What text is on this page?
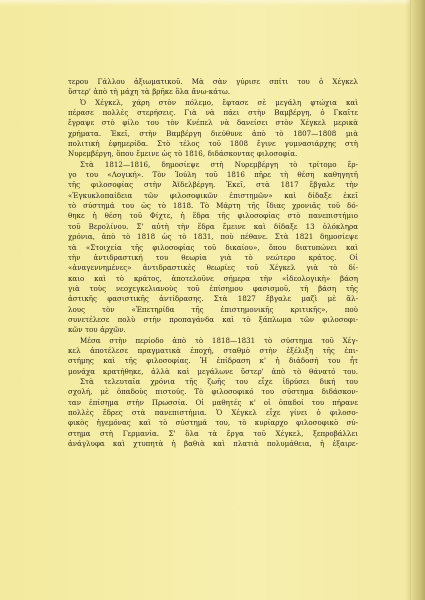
τερου Γάλλου ἀξιωματικοῦ. Μὰ σὰν γύρισε σπίτι του ὁ Χέγκελ
ὕστερ' ἀπὸ τὴ μάχη τὰ βρῆκε ὅλα ἄνω-κάτω.
Ὁ Χέγκελ, χάρη στὸν πόλεμο, ἔφτασε σὲ μεγάλη φτώχια καὶ
πέρασε πολλὲς στερήσεις. Γιὰ νὰ πάει στὴν Βαμβέργη, ὁ Γκαῖτε
ἔγραψε στὸ φίλο του τὸν Κνέπελ νὰ δανείσει στὸν Χέγκελ μερικὰ
χρήματα. Ἐκεῖ, στὴν Βαμβέργη διεύθυνε ἀπὸ τὸ 1807—1808 μιὰ
πολιτικὴ ἐφημερίδα. Στὸ τέλος τοῦ 1808 ἔγινε γυμνασιάρχης στὴ
Νυρεμβέργη, ὅπου ἔμεινε ὡς τὸ 1816, διδάσκοντας φιλοσοφία.
Στὰ 1812—1816, δημοσίεψε στὴ Νυρεμβέργη τὸ τρίτομο ἔρ-
γο του «Λογική». Τὸν Ἰούλη τοῦ 1816 πῆρε τὴ θέση καθηγητῆ
τῆς φιλοσοφίας στὴν Ἀϊδελβέργη. Ἐκεῖ, στὰ 1817 ἔβγαλε τὴν
«Ἐγκυκλοπαίδεια τῶν φιλοσοφικῶν ἐπιστημῶν» καὶ δίδαξε ἐκεῖ
τὸ σύστημά του ὡς τὸ 1818. Τὸ Μάρτη τῆς ἴδιας χρονιᾶς τοῦ δό-
θηκε ἡ θέση τοῦ Φίχτε, ἡ ἕδρα τῆς φιλοσοφίας στὸ πανεπιστήμιο
τοῦ Βερολίνου. Σ' αὐτὴ τὴν ἕδρα ἔμεινε καὶ δίδαξε 13 ὁλόκληρα
χρόνια, ἀπὸ τὸ 1818 ὡς τὸ 1831, ποὺ πέθανε. Στὰ 1821 δημοσίεψε
τὰ «Στοιχεία τῆς φιλοσοφίας τοῦ δικαίου», ὅπου διατυπώνει καὶ
τὴν ἀντιδραστική του θεωρία γιὰ τὸ νεώτερο κράτος. Οἱ
«ἀναγεννημένες» ἀντιδραστικὲς θεωρίες τοῦ Χέγκελ γιὰ τὸ δί-
καιο καὶ τὸ κράτος, ἀποτελοῦνε σήμερα τὴν «ἰδεολογικὴ» βάση
γιὰ τοὺς νεοχεγκελιανοὺς τοῦ ἐπίσημου φασισμοῦ, τὴ βάση τῆς
ἀστικῆς φασιστικῆς ἀντίδρασης. Στὰ 1827 ἔβγαλε μαζὶ μὲ ἄλ-
λους τὸν «Ἐπετηρίδα τῆς ἐπιστημονικῆς κριτικῆς», ποὺ
συνετέλεσε πολὺ στὴν προπαγάνδα καὶ τὸ ξάπλωμα τῶν φιλοσοφι-
κῶν του ἀρχῶν.
Μέσα στὴν περίοδο ἀπὸ τὸ 1818—1831 τὸ σύστημα τοῦ Χέγ-
κελ ἀποτέλεσε πραγματικὰ ἐποχή, σταθμὸ στὴν ἐξέλιξη τῆς ἐπι-
στήμης καὶ τῆς φιλοσοφίας. Ἡ ἐπίδραση κ' ἡ διάδοσή του ἦτ
μονάχα κρατήθηκε, ἀλλὰ καὶ μεγάλωνε ὕστερ' ἀπὸ τὸ θάνατό του.
Στὰ τελευταῖα χρόνια τῆς ζωῆς του εἶχε ἱδρύσει δική του
σχολή, μὲ ὀπαδοὺς πιστούς. Τὸ φιλοσοφικό του σύστημα διδάσκον-
ταν ἐπίσημα στὴν Πρωσσία. Οἱ μαθητές κ' οἱ ὀπαδοί του πήρανε
πολλὲς ἕδρες στὰ πανεπιστήμια. Ὁ Χέγκελ εἶχε γίνει ὁ φιλοσο-
φικὸς ἡγεμόνας καὶ τὸ σύστημά του, τὸ κυρίαρχο φιλοσοφικὸ σύ-
στημα στὴ Γερμανία. Σ' ὅλα τὰ ἔργα τοῦ Χέγκελ, ξεπροβάλλει
ἀνάγλυφα καὶ χτυπητὰ ἡ βαθιὰ καὶ πλατιὰ πολυμάθεια, ἡ ἐξαιρε-
